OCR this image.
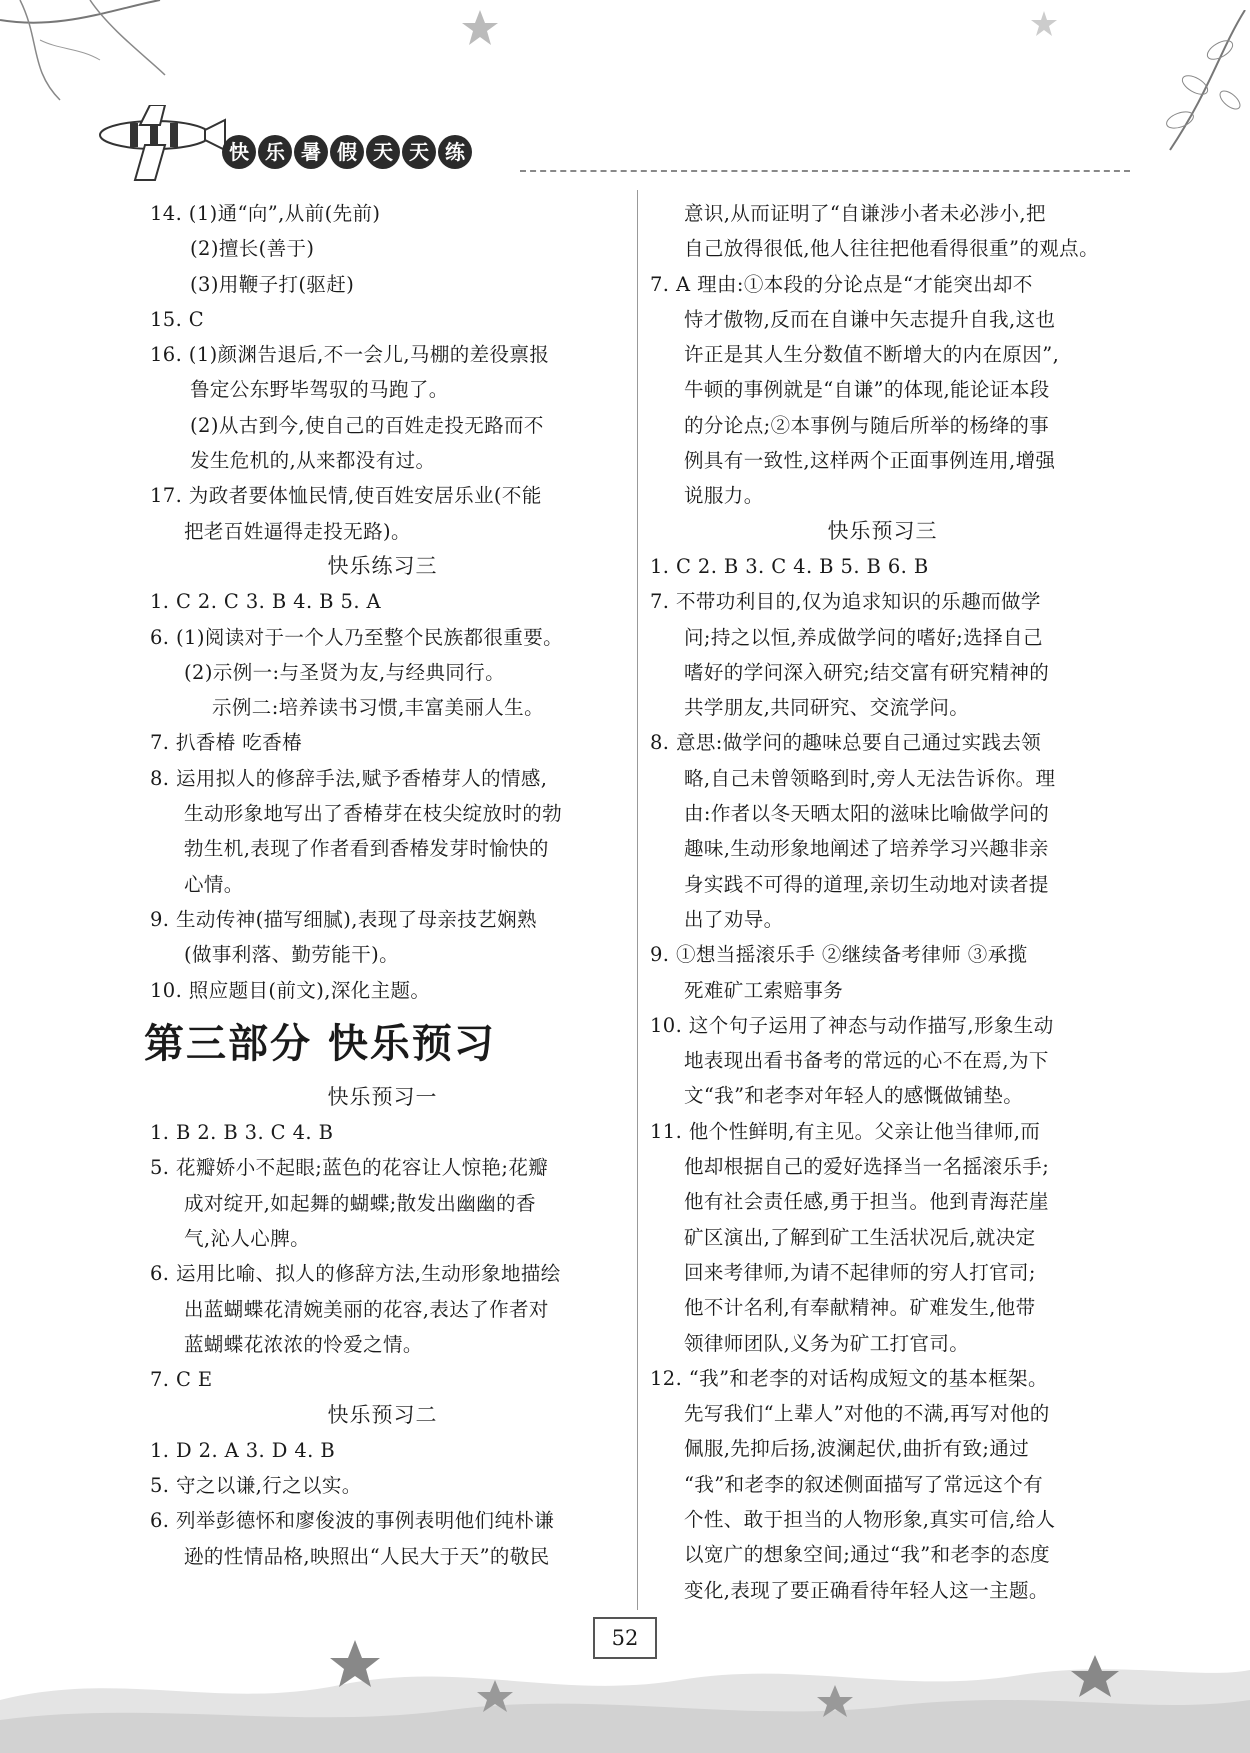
快 乐 暑 假 天 天 练
14. (1)通“向”,从前(先前)
(2)擅长(善于)
(3)用鞭子打(驱赶)
15. C
16. (1)颜渊告退后,不一会儿,马棚的差役禀报
鲁定公东野毕驾驭的马跑了。
(2)从古到今,使自己的百姓走投无路而不
发生危机的,从来都没有过。
17. 为政者要体恤民情,使百姓安居乐业(不能
把老百姓逼得走投无路)。
快乐练习三
1. C 2. C 3. B 4. B 5. A
6. (1)阅读对于一个人乃至整个民族都很重要。
(2)示例一:与圣贤为友,与经典同行。
示例二:培养读书习惯,丰富美丽人生。
7. 扒香椿 吃香椿
8. 运用拟人的修辞手法,赋予香椿芽人的情感,
生动形象地写出了香椿芽在枝尖绽放时的勃
勃生机,表现了作者看到香椿发芽时愉快的
心情。
9. 生动传神(描写细腻),表现了母亲技艺娴熟
(做事利落、勤劳能干)。
10. 照应题目(前文),深化主题。
第三部分 快乐预习
快乐预习一
1. B 2. B 3. C 4. B
5. 花瓣娇小不起眼;蓝色的花容让人惊艳;花瓣
成对绽开,如起舞的蝴蝶;散发出幽幽的香
气,沁人心脾。
6. 运用比喻、拟人的修辞方法,生动形象地描绘
出蓝蝴蝶花清婉美丽的花容,表达了作者对
蓝蝴蝶花浓浓的怜爱之情。
7. C E
快乐预习二
1. D 2. A 3. D 4. B
5. 守之以谦,行之以实。
6. 列举彭德怀和廖俊波的事例表明他们纯朴谦
逊的性情品格,映照出“人民大于天”的敬民
意识,从而证明了“自谦涉小者未必涉小,把
自己放得很低,他人往往把他看得很重”的观点。
7. A 理由:①本段的分论点是“才能突出却不
恃才傲物,反而在自谦中矢志提升自我,这也
许正是其人生分数值不断增大的内在原因”,
牛顿的事例就是“自谦”的体现,能论证本段
的分论点;②本事例与随后所举的杨绛的事
例具有一致性,这样两个正面事例连用,增强
说服力。
快乐预习三
1. C 2. B 3. C 4. B 5. B 6. B
7. 不带功利目的,仅为追求知识的乐趣而做学
问;持之以恒,养成做学问的嗜好;选择自己
嗜好的学问深入研究;结交富有研究精神的
共学朋友,共同研究、交流学问。
8. 意思:做学问的趣味总要自己通过实践去领
略,自己未曾领略到时,旁人无法告诉你。理
由:作者以冬天晒太阳的滋味比喻做学问的
趣味,生动形象地阐述了培养学习兴趣非亲
身实践不可得的道理,亲切生动地对读者提
出了劝导。
9. ①想当摇滚乐手 ②继续备考律师 ③承揽
死难矿工索赔事务
10. 这个句子运用了神态与动作描写,形象生动
地表现出看书备考的常远的心不在焉,为下
文“我”和老李对年轻人的感慨做铺垫。
11. 他个性鲜明,有主见。父亲让他当律师,而
他却根据自己的爱好选择当一名摇滚乐手;
他有社会责任感,勇于担当。他到青海茫崖
矿区演出,了解到矿工生活状况后,就决定
回来考律师,为请不起律师的穷人打官司;
他不计名利,有奉献精神。矿难发生,他带
领律师团队,义务为矿工打官司。
12. “我”和老李的对话构成短文的基本框架。
先写我们“上辈人”对他的不满,再写对他的
佩服,先抑后扬,波澜起伏,曲折有致;通过
“我”和老李的叙述侧面描写了常远这个有
个性、敢于担当的人物形象,真实可信,给人
以宽广的想象空间;通过“我”和老李的态度
变化,表现了要正确看待年轻人这一主题。
52
